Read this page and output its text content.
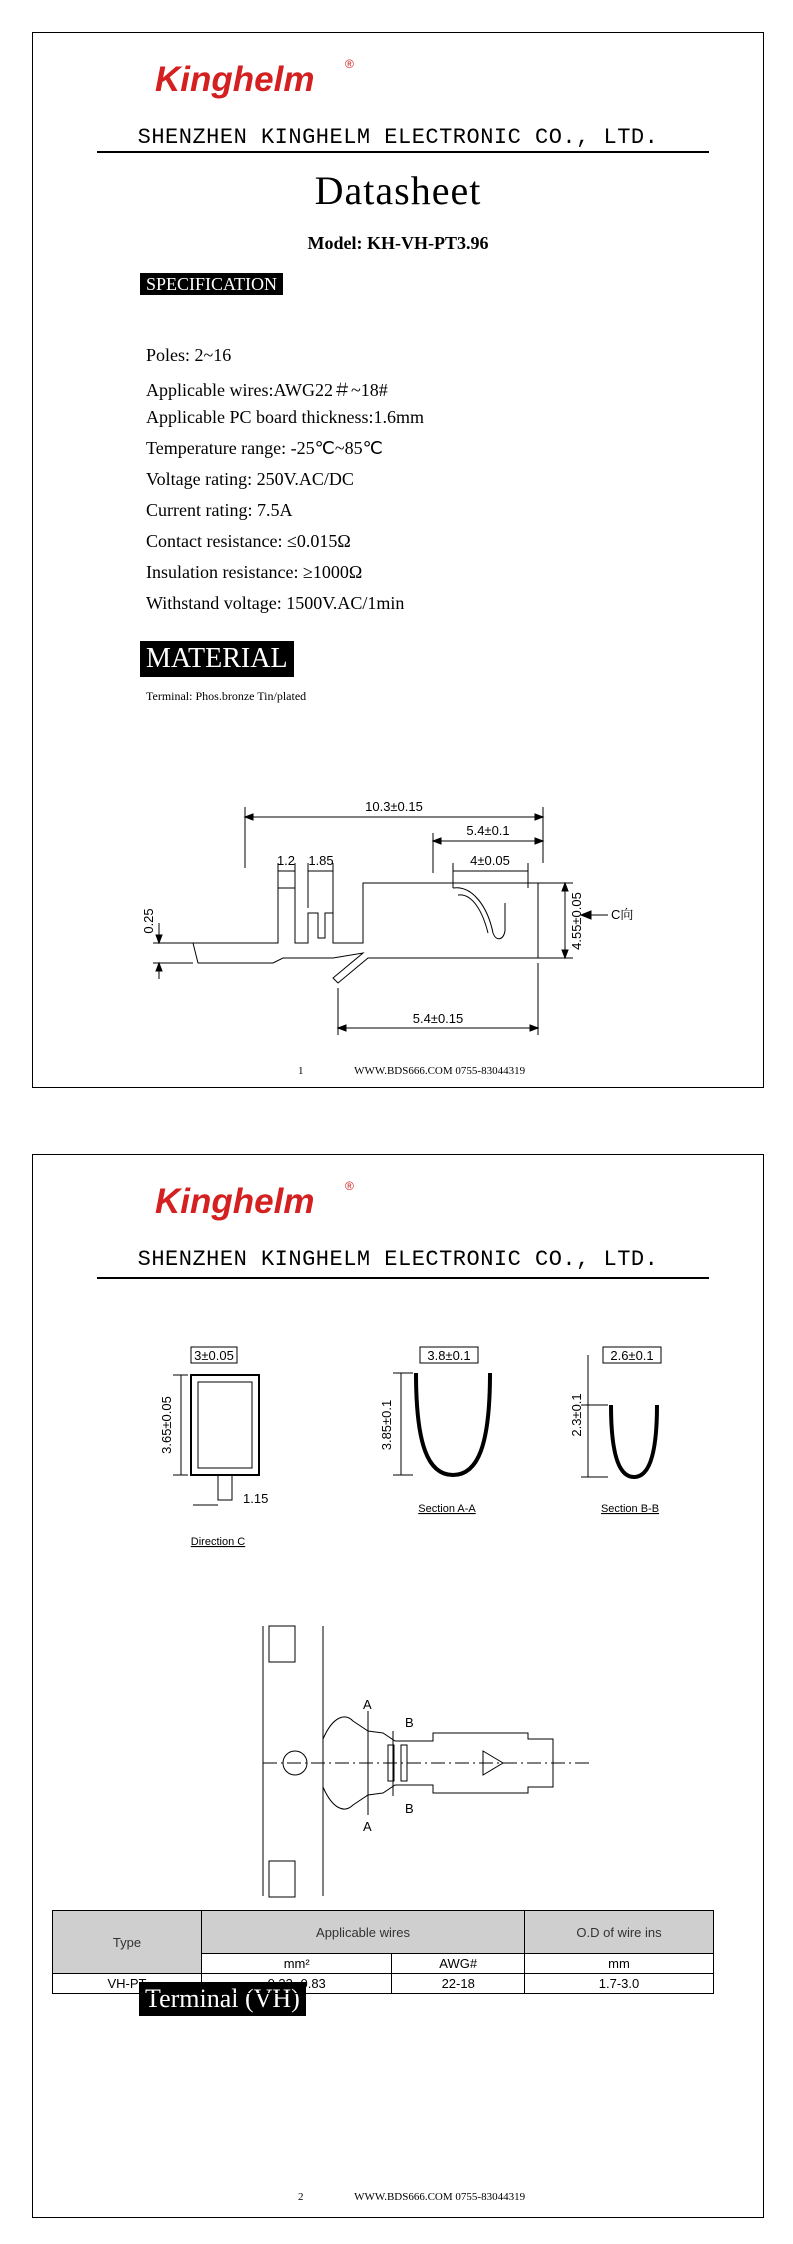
Kinghelm	®
SHENZHEN KINGHELM ELECTRONIC CO., LTD.
Datasheet
Model: KH-VH-PT3.96
SPECIFICATION
Poles: 2~16
Applicable wires:AWG22＃~18#
Applicable PC board thickness:1.6mm
Temperature range: -25℃~85℃
Voltage rating: 250V.AC/DC
Current rating: 7.5A
Contact resistance: ≤0.015Ω
Insulation resistance: ≥1000Ω
Withstand voltage: 1500V.AC/1min
MATERIAL
Terminal: Phos.bronze Tin/plated
10.3±0.15
5.4±0.1
1.2 1.85	4±0.05
0.25	4.55±0.05
5.4±0.15
C向
1	WWW.BDS666.COM 0755-83044319
Kinghelm	®
SHENZHEN KINGHELM ELECTRONIC CO., LTD.
3±0.05
3.65±0.05
1.15
3.8±0.1
3.85±0.1
2.6±0.1
2.3±0.1
Section A-A	Section B-B
Direction C
A
A
B
B
Terminal (VH)
2	WWW.BDS666.COM 0755-83044319
Type	Applicable wires		O.D of wire ins
	mm²	AWG#	mm
VH-PT	0.33~0.83	22-18	1.7-3.0
